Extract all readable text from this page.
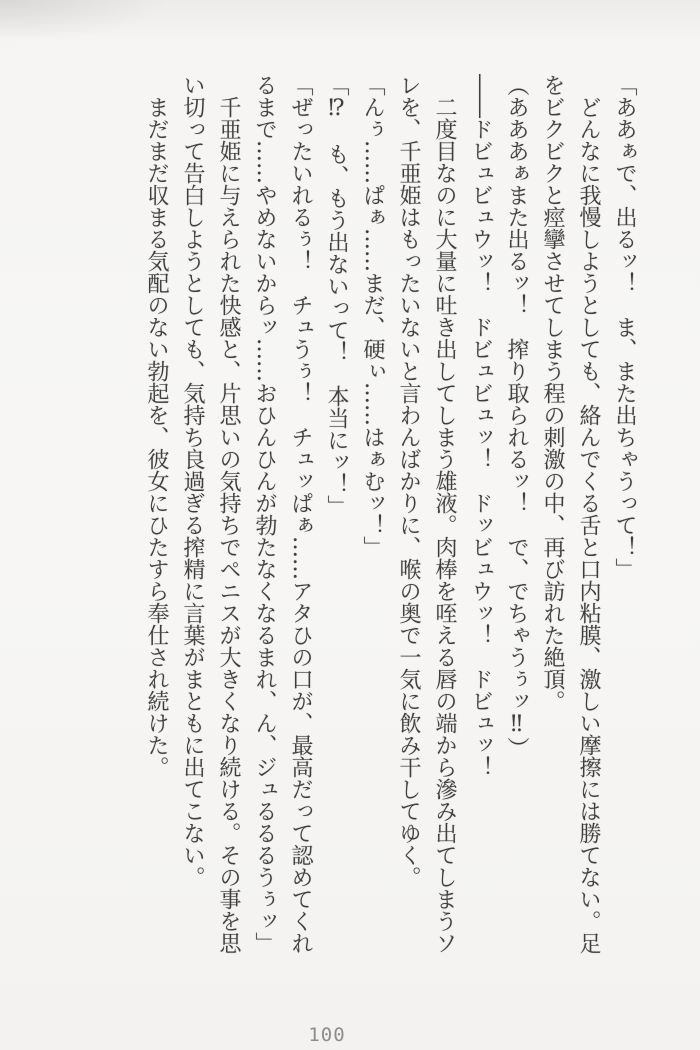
「ああぁで、出るッ！　ま、また出ちゃうって！」

どんなに我慢しようとしても、絡んでくる舌と口内粘膜、激しい摩擦には勝てない。足をビクビクと痙攣させてしまう程の刺激の中、再び訪れた絶頂。

（あああぁまた出るッ！　搾り取られるッ！　で、でちゃうぅッ‼）

――ドビュビュウッ！　ドビュビュッ！　ドッビュウッ！　ドビュッ！

二度目なのに大量に吐き出してしまう雄液。肉棒を咥える唇の端から滲み出てしまうソレを、千亜姫はもったいないと言わんばかりに、喉の奥で一気に飲み干してゆく。

「んぅ……ぱぁ……まだ、硬ぃ……はぁむッ！」

「⁉　も、もう出ないって！　本当にッ！」

「ぜったいれるぅ！　チュうぅ！　チュッぱぁ……アタひの口が、最高だって認めてくれるまで……やめないからッ……おひんひんが勃たなくなるまれ、ん、ジュるるるうぅッ」

千亜姫に与えられた快感と、片思いの気持ちでペニスが大きくなり続ける。その事を思い切って告白しようとしても、気持ち良過ぎる搾精に言葉がまともに出てこない。

まだまだ収まる気配のない勃起を、彼女にひたすら奉仕され続けた。

100
